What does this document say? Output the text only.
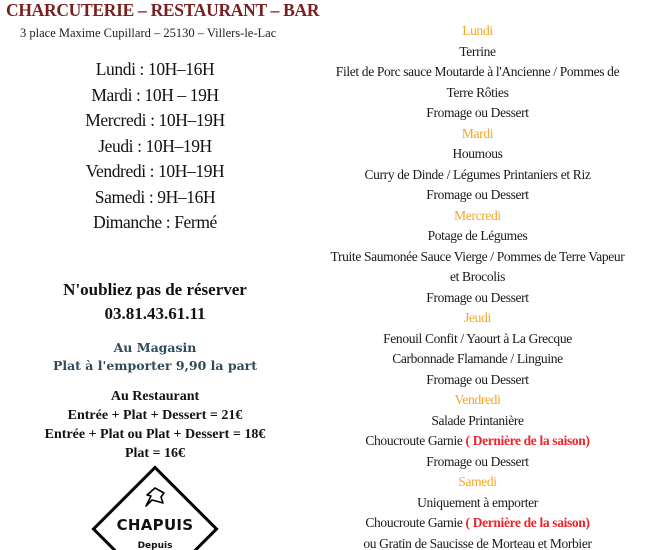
CHARCUTERIE – RESTAURANT – BAR
3 place Maxime Cupillard – 25130 – Villers-le-Lac
Lundi : 10H–16H
Mardi : 10H – 19H
Mercredi : 10H–19H
Jeudi : 10H–19H
Vendredi : 10H–19H
Samedi : 9H–16H
Dimanche : Fermé
N'oubliez pas de réserver
03.81.43.61.11
Au Magasin
Plat à l'emporter 9,90 la part
Au Restaurant
Entrée + Plat + Dessert = 21€
Entrée + Plat ou Plat + Dessert = 18€
Plat = 16€
CHAPUIS
Depuis
Lundi
Terrine
Filet de Porc sauce Moutarde à l'Ancienne / Pommes de
Terre Rôties
Fromage ou Dessert
Mardi
Houmous
Curry de Dinde / Légumes Printaniers et Riz
Fromage ou Dessert
Mercredi
Potage de Légumes
Truite Saumonée Sauce Vierge / Pommes de Terre Vapeur
et Brocolis
Fromage ou Dessert
Jeudi
Fenouil Confit / Yaourt à La Grecque
Carbonnade Flamande / Linguine
Fromage ou Dessert
Vendredi
Salade Printanière
Choucroute Garnie ( Dernière de la saison)
Fromage ou Dessert
Samedi
Uniquement à emporter
Choucroute Garnie ( Dernière de la saison)
ou Gratin de Saucisse de Morteau et Morbier
